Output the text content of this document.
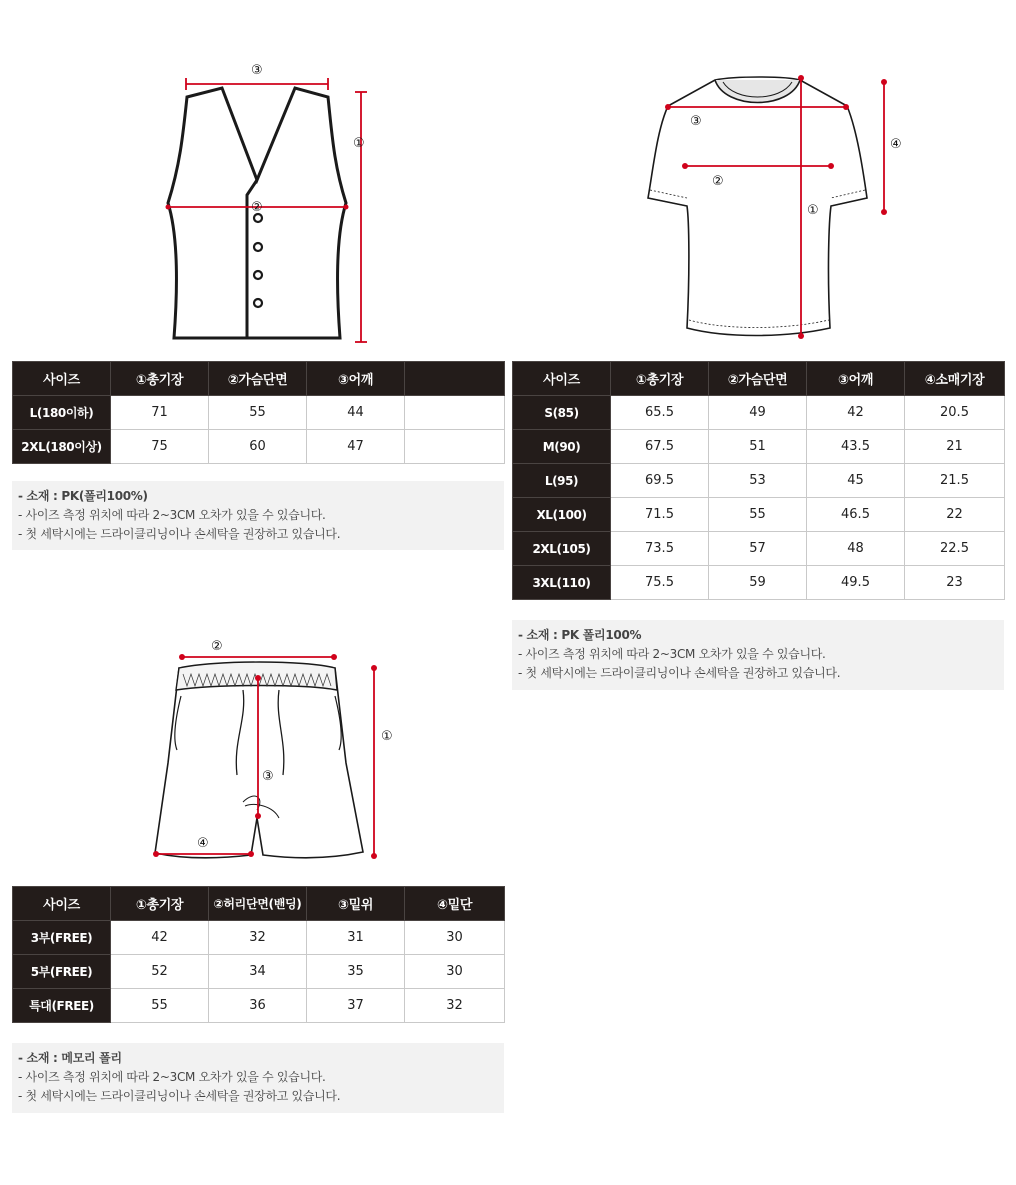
③
②
①
③
②
①
④
②
③
④
①
사이즈	①총기장	②가슴단면	③어깨	
L(180이하)	71	55	44	
2XL(180이상)	75	60	47	
- 소재 : PK(폴리100%)
- 사이즈 측정 위치에 따라 2~3CM 오차가 있을 수 있습니다.
- 첫 세탁시에는 드라이클리닝이나 손세탁을 권장하고 있습니다.
사이즈	①총기장	②가슴단면	③어깨	④소매기장
S(85)	65.5	49	42	20.5
M(90)	67.5	51	43.5	21
L(95)	69.5	53	45	21.5
XL(100)	71.5	55	46.5	22
2XL(105)	73.5	57	48	22.5
3XL(110)	75.5	59	49.5	23
- 소재 : PK 폴리100%
- 사이즈 측정 위치에 따라 2~3CM 오차가 있을 수 있습니다.
- 첫 세탁시에는 드라이클리닝이나 손세탁을 권장하고 있습니다.
사이즈	①총기장	②허리단면(밴딩)	③밑위	④밑단
3부(FREE)	42	32	31	30
5부(FREE)	52	34	35	30
특대(FREE)	55	36	37	32
- 소재 : 메모리 폴리
- 사이즈 측정 위치에 따라 2~3CM 오차가 있을 수 있습니다.
- 첫 세탁시에는 드라이클리닝이나 손세탁을 권장하고 있습니다.
